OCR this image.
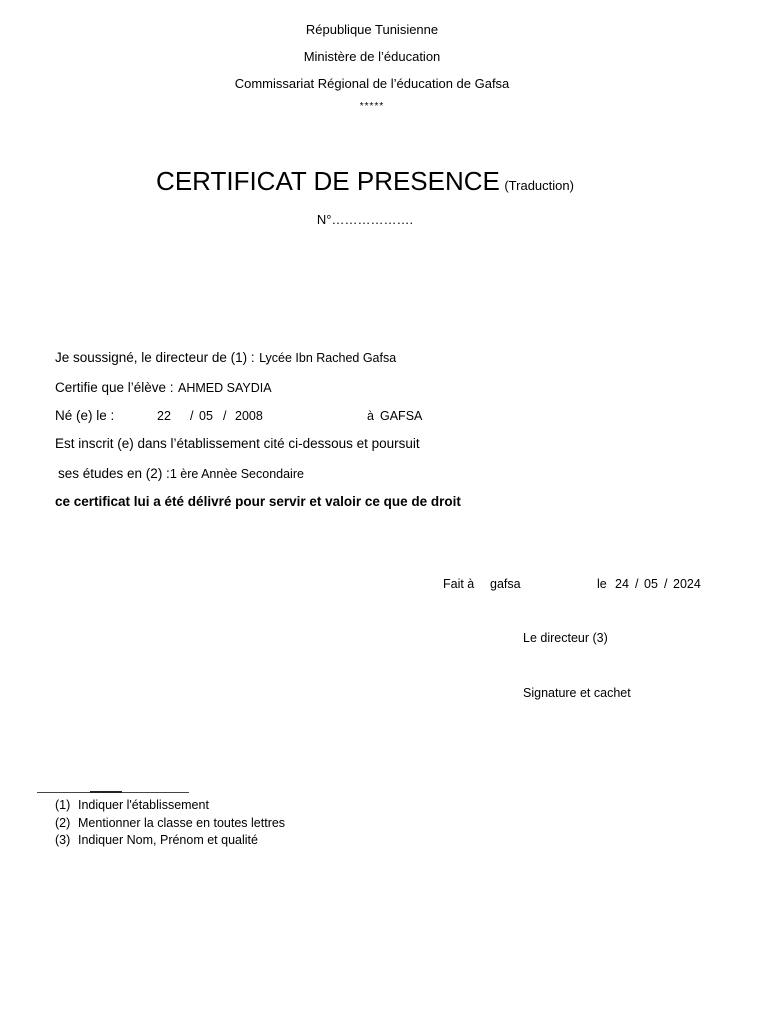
République Tunisienne
Ministère de l’éducation
Commissariat Régional de l’éducation de Gafsa
*****
CERTIFICAT DE PRESENCE (Traduction)
N°……………….
Je soussigné, le directeur de (1) : Lycée Ibn Rached Gafsa
Certifie que l’élève : AHMED SAYDIA
Né (e) le :	22 / 05 / 2008	à GAFSA
Est inscrit (e) dans l’établissement cité ci-dessous et poursuit
ses études en (2) :1 ère Annèe Secondaire
ce certificat lui a été délivré pour servir et valoir ce que de droit
Fait à gafsa	le 24 / 05 / 2024
Le directeur (3)
Signature et cachet
(1) Indiquer l'établissement
(2) Mentionner la classe en toutes lettres
(3) Indiquer Nom, Prénom et qualité
